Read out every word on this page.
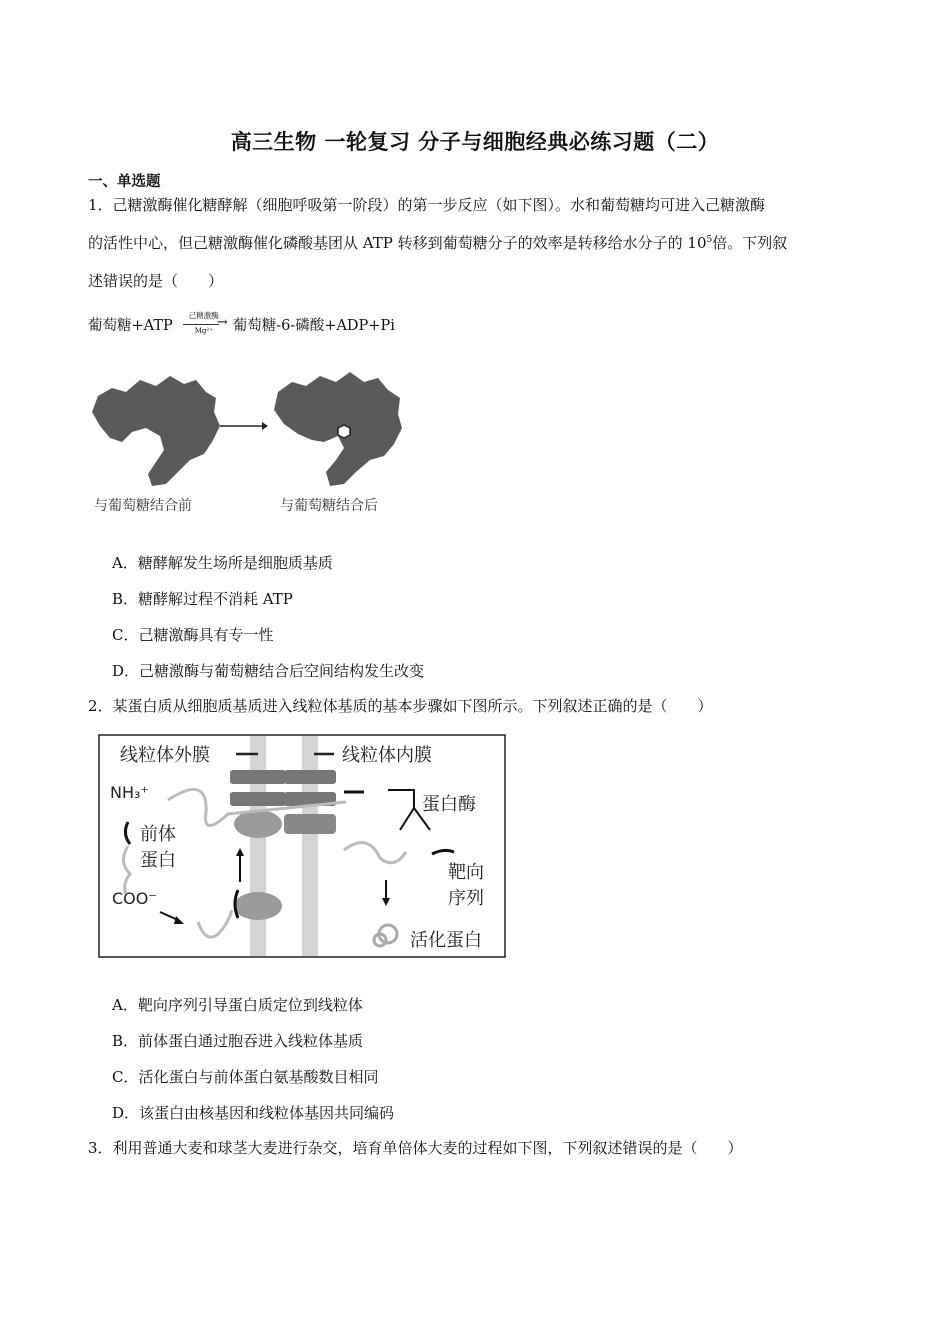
高三生物 一轮复习 分子与细胞经典必练习题（二）
一、单选题
1．己糖激酶催化糖酵解（细胞呼吸第一阶段）的第一步反应（如下图）。水和葡萄糖均可进入己糖激酶
的活性中心，但己糖激酶催化磷酸基团从 ATP 转移到葡萄糖分子的效率是转移给水分子的 $10^5$倍。下列叙
述错误的是（　　）
葡萄糖+ATP
己糖激酶
→
Mg²⁺ 葡萄糖-6-磷酸+ADP+Pi
与葡萄糖结合前	与葡萄糖结合后
A．糖酵解发生场所是细胞质基质
B．糖酵解过程不消耗 ATP
C．己糖激酶具有专一性
D．己糖激酶与葡萄糖结合后空间结构发生改变
2．某蛋白质从细胞质基质进入线粒体基质的基本步骤如下图所示。下列叙述正确的是（　　）
线粒体外膜	线粒体内膜
NH₃⁺
前体
蛋白
COO⁻
蛋白酶
靶向
序列
活化蛋白
A．靶向序列引导蛋白质定位到线粒体
B．前体蛋白通过胞吞进入线粒体基质
C．活化蛋白与前体蛋白氨基酸数目相同
D．该蛋白由核基因和线粒体基因共同编码
3．利用普通大麦和球茎大麦进行杂交，培育单倍体大麦的过程如下图，下列叙述错误的是（　　）
